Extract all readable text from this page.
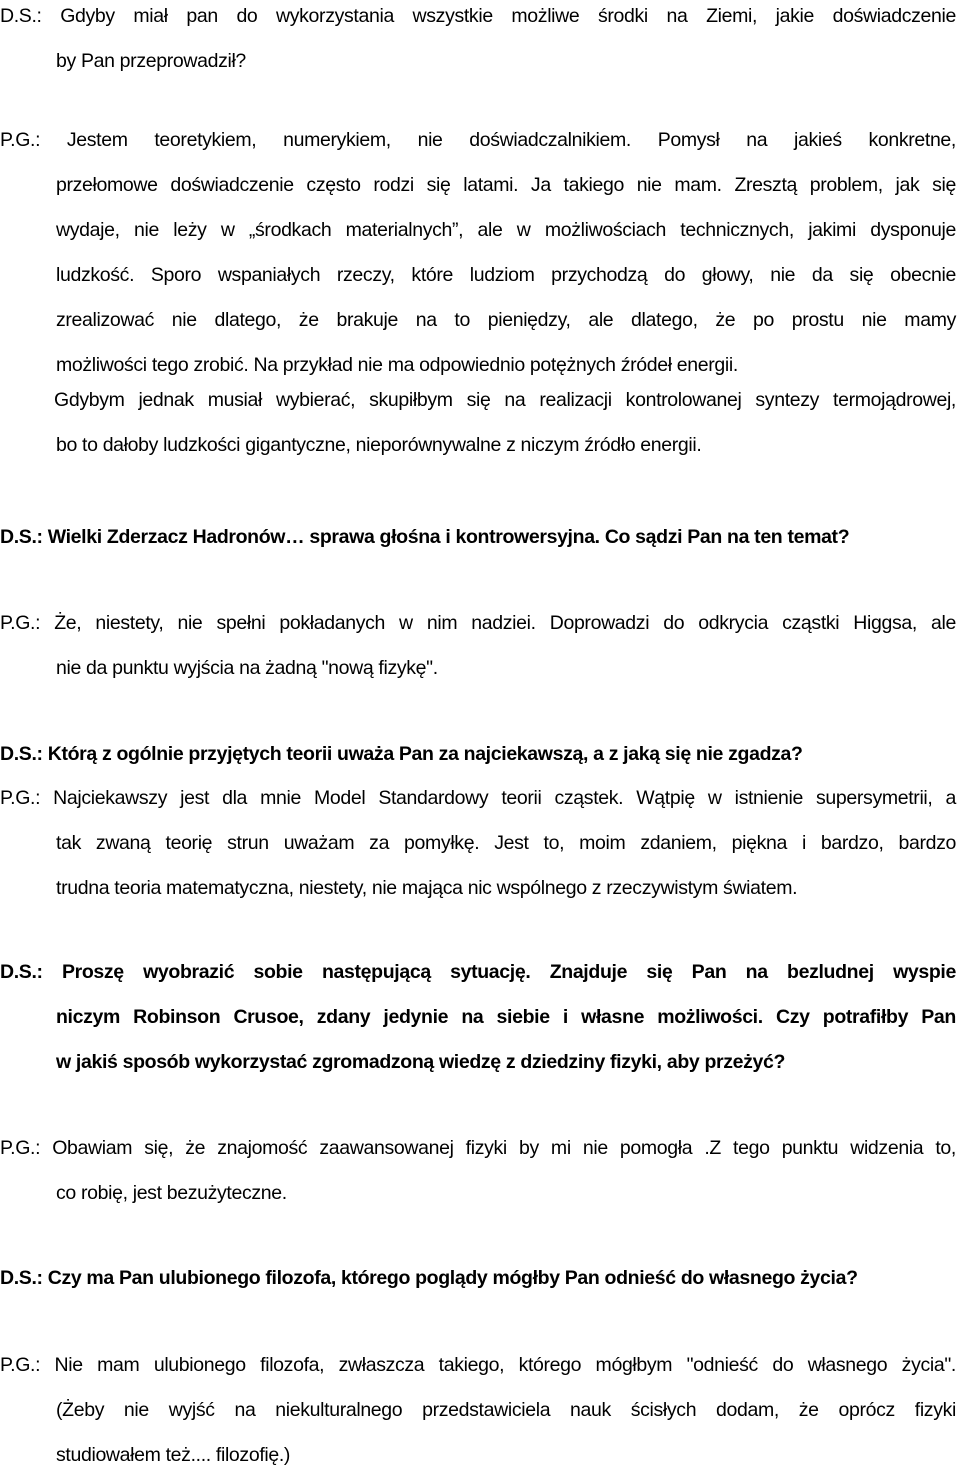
D.S.: Gdyby miał pan do wykorzystania wszystkie możliwe środki na Ziemi, jakie doświadczenie
by Pan przeprowadził?
P.G.: Jestem teoretykiem, numerykiem, nie doświadczalnikiem. Pomysł na jakieś konkretne,
przełomowe doświadczenie często rodzi się latami. Ja takiego nie mam. Zresztą problem, jak się
wydaje, nie leży w „środkach materialnych”, ale w możliwościach technicznych, jakimi dysponuje
ludzkość. Sporo wspaniałych rzeczy, które ludziom przychodzą do głowy, nie da się obecnie
zrealizować nie dlatego, że brakuje na to pieniędzy, ale dlatego, że po prostu nie mamy
możliwości tego zrobić. Na przykład nie ma odpowiednio potężnych źródeł energii.
Gdybym jednak musiał wybierać, skupiłbym się na realizacji kontrolowanej syntezy termojądrowej,
bo to dałoby ludzkości gigantyczne, nieporównywalne z niczym źródło energii.
D.S.: Wielki Zderzacz Hadronów… sprawa głośna i kontrowersyjna. Co sądzi Pan na ten temat?
P.G.: Że, niestety, nie spełni pokładanych w nim nadziei. Doprowadzi do odkrycia cząstki Higgsa, ale
nie da punktu wyjścia na żadną "nową fizykę".
D.S.: Którą z ogólnie przyjętych teorii uważa Pan za najciekawszą, a z jaką się nie zgadza?
P.G.: Najciekawszy jest dla mnie Model Standardowy teorii cząstek. Wątpię w istnienie supersymetrii, a
tak zwaną teorię strun uważam za pomyłkę. Jest to, moim zdaniem, piękna i bardzo, bardzo
trudna teoria matematyczna, niestety, nie mająca nic wspólnego z rzeczywistym światem.
D.S.: Proszę wyobrazić sobie następującą sytuację. Znajduje się Pan na bezludnej wyspie
niczym Robinson Crusoe, zdany jedynie na siebie i własne możliwości. Czy potrafiłby Pan
w jakiś sposób wykorzystać zgromadzoną wiedzę z dziedziny fizyki, aby przeżyć?
P.G.: Obawiam się, że znajomość zaawansowanej fizyki by mi nie pomogła .Z tego punktu widzenia to,
co robię, jest bezużyteczne.
D.S.: Czy ma Pan ulubionego filozofa, którego poglądy mógłby Pan odnieść do własnego życia?
P.G.: Nie mam ulubionego filozofa, zwłaszcza takiego, którego mógłbym "odnieść do własnego życia".
(Żeby nie wyjść na niekulturalnego przedstawiciela nauk ścisłych dodam, że oprócz fizyki
studiowałem też.... filozofię.)
